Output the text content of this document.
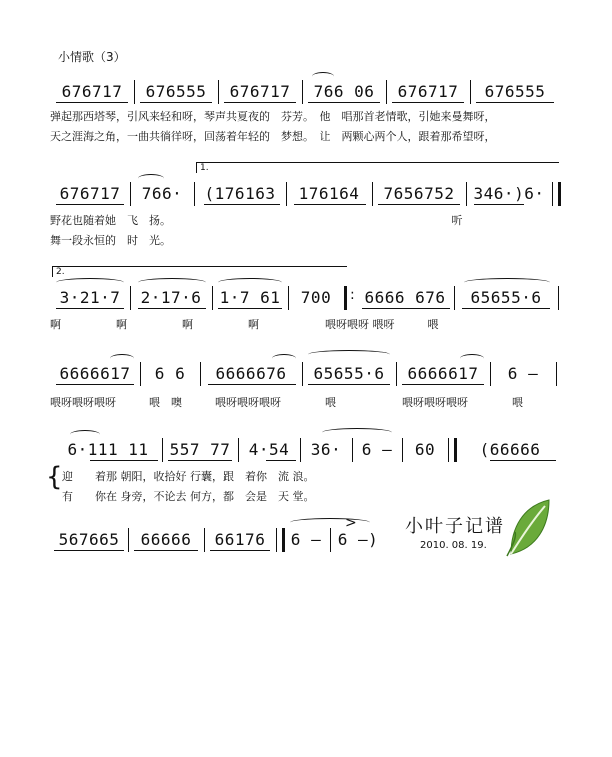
小情歌（3）
676717	676555	676717	766 06	676717	676555
弹起那西塔琴，引风来轻和呀，琴声共夏夜的　芬芳。　他　唱那首老情歌，引她来曼舞呀，
天之涯海之角，一曲共徜徉呀，回荡着年轻的　梦想。　让　两颗心两个人，跟着那希望呀，
1.
676717	766·	(176163	176164	7656752	346·)6·
野花也随着她　飞　扬。　　　　　　　　　　　　　　　　　　　　　　　　　　听
舞一段永恒的　时　光。
2.
:
3·21·7	2·17·6	1·7 61	700	6666 676	65655·6
啊　　　　　啊　　　　　啊　　　　　啊　　　　　　喂呀喂呀 喂呀　　　喂
6666617	6 6	6666676	65655·6	6666617	6 —
喂呀喂呀喂呀　　　喂　噢　　　喂呀喂呀喂呀　　　　喂　　　　　　喂呀喂呀喂呀　　　　喂
6·111 11	557 77	4·54	36·	6 —	60	(66666
{ 迎　　着那 朝阳，收拾好 行囊，跟　着你　流 浪。
有　　你在 身旁，不论去 何方，都　会是　天 堂。
567665	66666	66176	6 —	6 —)
>	小叶子记谱
2010. 08. 19.
